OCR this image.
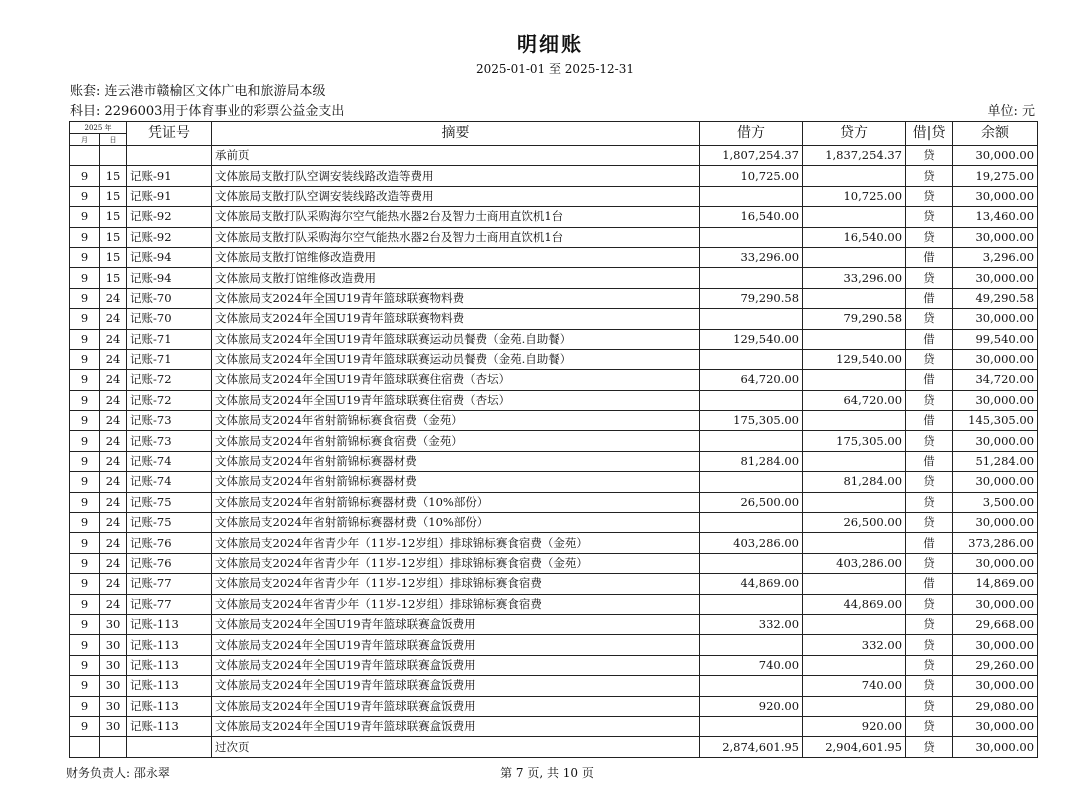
明细账
2025-01-01 至 2025-12-31
账套: 连云港市赣榆区文体广电和旅游局本级
科目: 2296003用于体育事业的彩票公益金支出	单位: 元
2025 年		凭证号	摘要	借方	贷方	借|贷	余额
月	日						
			承前页	1,807,254.37	1,837,254.37	贷	30,000.00
9	15	记账-91	文体旅局支散打队空调安装线路改造等费用	10,725.00		贷	19,275.00
9	15	记账-91	文体旅局支散打队空调安装线路改造等费用		10,725.00	贷	30,000.00
9	15	记账-92	文体旅局支散打队采购海尔空气能热水器2台及智力士商用直饮机1台	16,540.00		贷	13,460.00
9	15	记账-92	文体旅局支散打队采购海尔空气能热水器2台及智力士商用直饮机1台		16,540.00	贷	30,000.00
9	15	记账-94	文体旅局支散打馆维修改造费用	33,296.00		借	3,296.00
9	15	记账-94	文体旅局支散打馆维修改造费用		33,296.00	贷	30,000.00
9	24	记账-70	文体旅局支2024年全国U19青年篮球联赛物料费	79,290.58		借	49,290.58
9	24	记账-70	文体旅局支2024年全国U19青年篮球联赛物料费		79,290.58	贷	30,000.00
9	24	记账-71	文体旅局支2024年全国U19青年篮球联赛运动员餐费（金苑.自助餐）	129,540.00		借	99,540.00
9	24	记账-71	文体旅局支2024年全国U19青年篮球联赛运动员餐费（金苑.自助餐）		129,540.00	贷	30,000.00
9	24	记账-72	文体旅局支2024年全国U19青年篮球联赛住宿费（杏坛）	64,720.00		借	34,720.00
9	24	记账-72	文体旅局支2024年全国U19青年篮球联赛住宿费（杏坛）		64,720.00	贷	30,000.00
9	24	记账-73	文体旅局支2024年省射箭锦标赛食宿费（金苑）	175,305.00		借	145,305.00
9	24	记账-73	文体旅局支2024年省射箭锦标赛食宿费（金苑）		175,305.00	贷	30,000.00
9	24	记账-74	文体旅局支2024年省射箭锦标赛器材费	81,284.00		借	51,284.00
9	24	记账-74	文体旅局支2024年省射箭锦标赛器材费		81,284.00	贷	30,000.00
9	24	记账-75	文体旅局支2024年省射箭锦标赛器材费（10%部份）	26,500.00		贷	3,500.00
9	24	记账-75	文体旅局支2024年省射箭锦标赛器材费（10%部份）		26,500.00	贷	30,000.00
9	24	记账-76	文体旅局支2024年省青少年（11岁-12岁组）排球锦标赛食宿费（金苑）	403,286.00		借	373,286.00
9	24	记账-76	文体旅局支2024年省青少年（11岁-12岁组）排球锦标赛食宿费（金苑）		403,286.00	贷	30,000.00
9	24	记账-77	文体旅局支2024年省青少年（11岁-12岁组）排球锦标赛食宿费	44,869.00		借	14,869.00
9	24	记账-77	文体旅局支2024年省青少年（11岁-12岁组）排球锦标赛食宿费		44,869.00	贷	30,000.00
9	30	记账-113	文体旅局支2024年全国U19青年篮球联赛盒饭费用	332.00		贷	29,668.00
9	30	记账-113	文体旅局支2024年全国U19青年篮球联赛盒饭费用		332.00	贷	30,000.00
9	30	记账-113	文体旅局支2024年全国U19青年篮球联赛盒饭费用	740.00		贷	29,260.00
9	30	记账-113	文体旅局支2024年全国U19青年篮球联赛盒饭费用		740.00	贷	30,000.00
9	30	记账-113	文体旅局支2024年全国U19青年篮球联赛盒饭费用	920.00		贷	29,080.00
9	30	记账-113	文体旅局支2024年全国U19青年篮球联赛盒饭费用		920.00	贷	30,000.00
			过次页	2,874,601.95	2,904,601.95	贷	30,000.00
财务负责人: 邵永翠	第 7 页, 共 10 页
